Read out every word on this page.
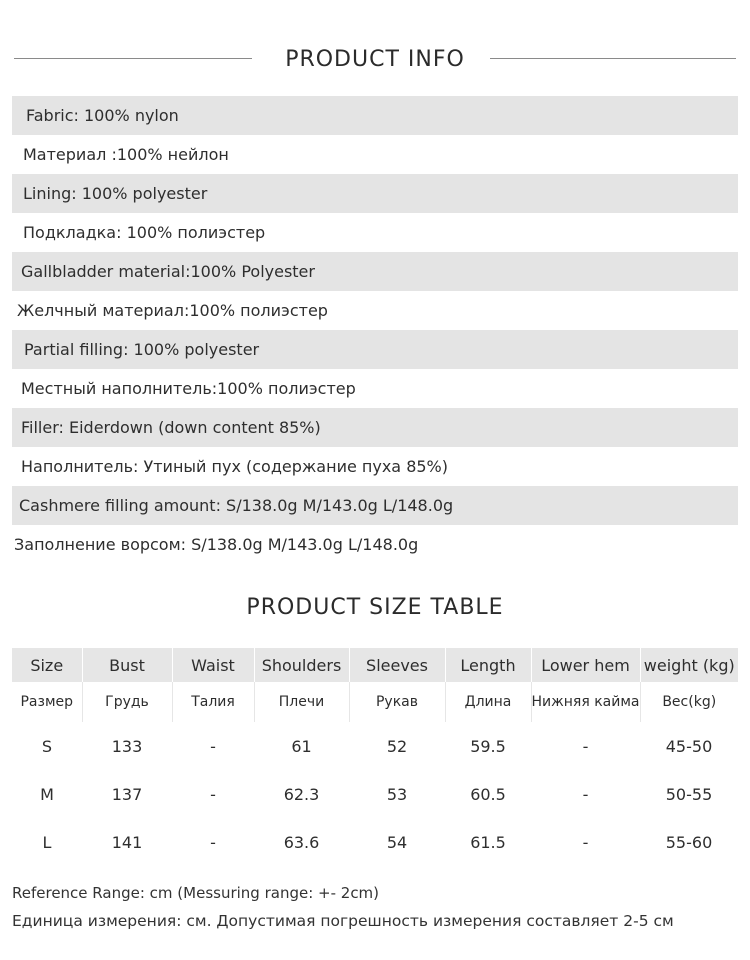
PRODUCT INFO
Fabric: 100% nylon
Материал :100% нейлон
Lining: 100% polyester
Подкладка: 100% полиэстер
Gallbladder material:100% Polyester
Желчный материал:100% полиэстер
Partial filling: 100% polyester
Местный наполнитель:100% полиэстер
Filler: Eiderdown (down content 85%)
Наполнитель: Утиный пух (содержание пуха 85%)
Cashmere filling amount: S/138.0g M/143.0g L/148.0g
Заполнение ворсом: S/138.0g M/143.0g L/148.0g
PRODUCT SIZE TABLE
Size	Bust	Waist	Shoulders	Sleeves	Length	Lower hem	weight (kg)
Размер	Грудь	Талия	Плечи	Рукав	Длина	Нижняя кайма	Вес(kg)
S	133	-	61	52	59.5	-	45-50
M	137	-	62.3	53	60.5	-	50-55
L	141	-	63.6	54	61.5	-	55-60
Reference Range: cm (Messuring range: +- 2cm)
Единица измерения: см. Допустимая погрешность измерения составляет 2-5 см
